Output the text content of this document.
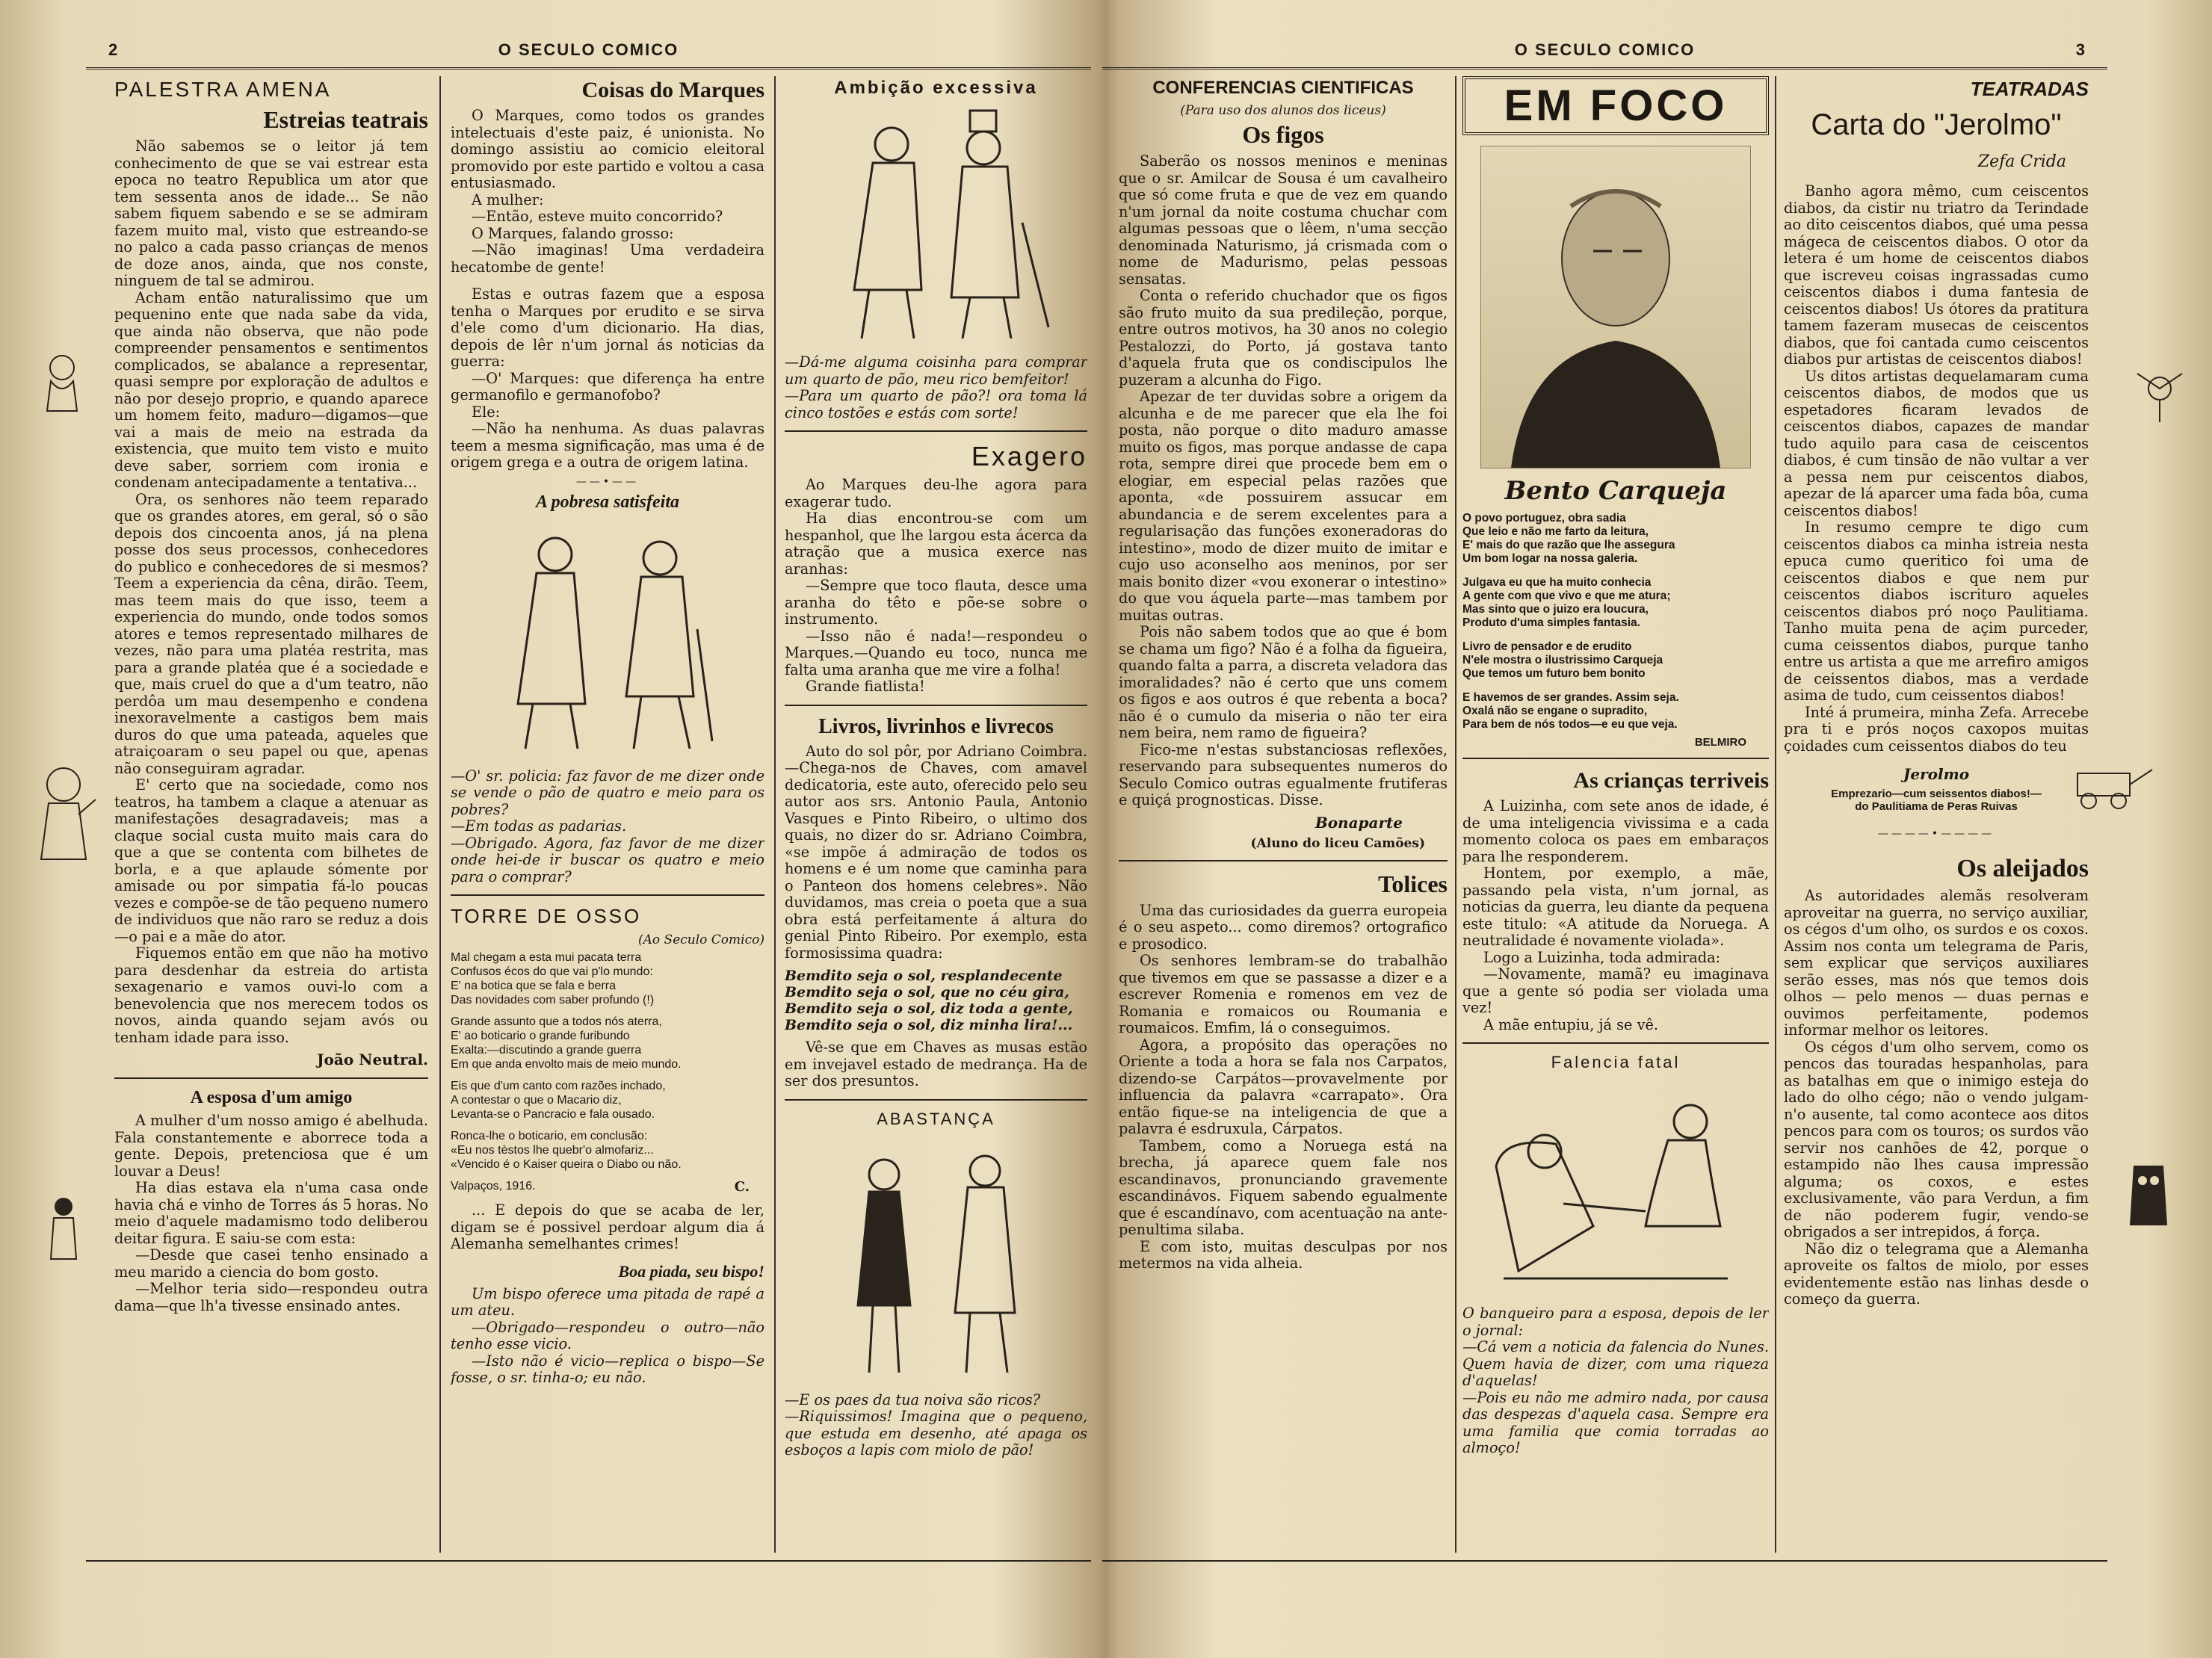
2	O SECULO COMICO
PALESTRA AMENA
Estreias teatrais

Não sabemos se o leitor já tem conhecimento de que se vai estrear esta epoca no teatro Republica um ator que tem sessenta anos de idade... Se não sabem fiquem sabendo e se se admiram fazem muito mal, visto que estreando-se no palco a cada passo crianças de menos de doze anos, ainda, que nos conste, ninguem de tal se admirou.

Acham então naturalissimo que um pequenino ente que nada sabe da vida, que ainda não observa, que não pode compreender pensamentos e sentimentos complicados, se abalance a representar, quasi sempre por exploração de adultos e não por desejo proprio, e quando aparece um homem feito, maduro—digamos—que vai a mais de meio na estrada da existencia, que muito tem visto e muito deve saber, sorriem com ironia e condenam antecipadamente a tentativa...

Ora, os senhores não teem reparado que os grandes atores, em geral, só o são depois dos cincoenta anos, já na plena posse dos seus processos, conhecedores do publico e conhecedores de si mesmos? Teem a experiencia da cêna, dirão. Teem, mas teem mais do que isso, teem a experiencia do mundo, onde todos somos atores e temos representado milhares de vezes, não para uma platéa restrita, mas para a grande platéa que é a sociedade e que, mais cruel do que a d'um teatro, não perdôa um mau desempenho e condena inexoravelmente a castigos bem mais duros do que uma pateada, aqueles que atraiçoaram o seu papel ou que, apenas não conseguiram agradar.

E' certo que na sociedade, como nos teatros, ha tambem a claque a atenuar as manifestações desagradaveis; mas a claque social custa muito mais cara do que a que se contenta com bilhetes de borla, e a que aplaude sómente por amisade ou por simpatia fá-lo poucas vezes e compõe-se de tão pequeno numero de individuos que não raro se reduz a dois—o pai e a mãe do ator.

Fiquemos então em que não ha motivo para desdenhar da estreia do artista sexagenario e vamos ouvi-lo com a benevolencia que nos merecem todos os novos, ainda quando sejam avós ou tenham idade para isso.

João Neutral.
A esposa d'um amigo

A mulher d'um nosso amigo é abelhuda. Fala constantemente e aborrece toda a gente. Depois, pretenciosa que é um louvar a Deus!

Ha dias estava ela n'uma casa onde havia chá e vinho de Torres ás 5 horas. No meio d'aquele madamismo todo deliberou deitar figura. E saiu-se com esta:

—Desde que casei tenho ensinado a meu marido a ciencia do bom gosto.

—Melhor teria sido—respondeu outra dama—que lh'a tivesse ensinado antes.

Coisas do Marques

O Marques, como todos os grandes intelectuais d'este paiz, é unionista. No domingo assistiu ao comicio eleitoral promovido por este partido e voltou a casa entusiasmado.

A mulher:

—Então, esteve muito concorrido?

O Marques, falando grosso:

—Não imaginas! Uma verdadeira hecatombe de gente!

Estas e outras fazem que a esposa tenha o Marques por erudito e se sirva d'ele como d'um dicionario. Ha dias, depois de lêr n'um jornal ás noticias da guerra:

—O' Marques: que diferença ha entre germanofilo e germanofobo?

Ele:

—Não ha nenhuma. As duas palavras teem a mesma significação, mas uma é de origem grega e a outra de origem latina.

——•——
A pobresa satisfeita

—O' sr. policia: faz favor de me dizer onde se vende o pão de quatro e meio para os pobres?

—Em todas as padarias.

—Obrigado. Agora, faz favor de me dizer onde hei-de ir buscar os quatro e meio para o comprar?

TORRE DE OSSO
(Ao Seculo Comico)

Mal chegam a esta mui pacata terra

Confusos écos do que vai p'lo mundo:

E' na botica que se fala e berra

Das novidades com saber profundo (!)

Grande assunto que a todos nós aterra,

E' ao boticario o grande furibundo

Exalta:—discutindo a grande guerra

Em que anda envolto mais de meio mundo.

Eis que d'um canto com razões inchado,

A contestar o que o Macario diz,

Levanta-se o Pancracio e fala ousado.

Ronca-lhe o boticario, em conclusão:

«Eu nos tèstos lhe quebr'o almofariz...

«Vencido é o Kaiser queira o Diabo ou não.

Valpaços, 1916.	C.

... E depois do que se acaba de ler, digam se é possivel perdoar algum dia á Alemanha semelhantes crimes!

Boa piada, seu bispo!

Um bispo oferece uma pitada de rapé a um ateu.

—Obrigado—respondeu o outro—não tenho esse vicio.

—Isto não é vicio—replica o bispo—Se fosse, o sr. tinha-o; eu não.

Ambição excessiva

—Dá-me alguma coisinha para comprar um quarto de pão, meu rico bemfeitor!

—Para um quarto de pão?! ora toma lá cinco tostões e estás com sorte!

Exagero

Ao Marques deu-lhe agora para exagerar tudo.

Ha dias encontrou-se com um hespanhol, que lhe largou esta ácerca da atração que a musica exerce nas aranhas:

—Sempre que toco flauta, desce uma aranha do têto e põe-se sobre o instrumento.

—Isso não é nada!—respondeu o Marques.—Quando eu toco, nunca me falta uma aranha que me vire a folha!

Grande fiatlista!

Livros, livrinhos e livrecos

Auto do sol pôr, por Adriano Coimbra.—Chega-nos de Chaves, com amavel dedicatoria, este auto, oferecido pelo seu autor aos srs. Antonio Paula, Antonio Vasques e Pinto Ribeiro, o ultimo dos quais, no dizer do sr. Adriano Coimbra, «se impõe á admiração de todos os homens e é um nome que caminha para o Panteon dos homens celebres». Não duvidamos, mas creia o poeta que a sua obra está perfeitamente á altura do genial Pinto Ribeiro. Por exemplo, esta formosissima quadra:

Bemdito seja o sol, resplandecente
Bemdito seja o sol, que no céu gira,
Bemdito seja o sol, diz toda a gente,
Bemdito seja o sol, diz minha lira!...

Vê-se que em Chaves as musas estão em invejavel estado de medrança. Ha de ser dos presuntos.

ABASTANÇA

—E os paes da tua noiva são ricos?

—Riquissimos! Imagina que o pequeno, que estuda em desenho, até apaga os esboços a lapis com miolo de pão!

O SECULO COMICO	3
CONFERENCIAS CIENTIFICAS
(Para uso dos alunos dos liceus)
Os figos

Saberão os nossos meninos e meninas que o sr. Amilcar de Sousa é um cavalheiro que só come fruta e que de vez em quando n'um jornal da noite costuma chuchar com algumas pessoas que o lêem, n'uma secção denominada Naturismo, já crismada com o nome de Madurismo, pelas pessoas sensatas.

Conta o referido chuchador que os figos são fruto muito da sua predileção, porque, entre outros motivos, ha 30 anos no colegio Pestalozzi, do Porto, já gostava tanto d'aquela fruta que os condiscipulos lhe puzeram a alcunha do Figo.

Apezar de ter duvidas sobre a origem da alcunha e de me parecer que ela lhe foi posta, não porque o dito maduro amasse muito os figos, mas porque andasse de capa rota, sempre direi que procede bem em o elogiar, em especial pelas razões que aponta, «de possuirem assucar em abundancia e de serem excelentes para a regularisação das funções exoneradoras do intestino», modo de dizer muito de imitar e cujo uso aconselho aos meninos, por ser mais bonito dizer «vou exonerar o intestino» do que vou áquela parte—mas tambem por muitas outras.

Pois não sabem todos que ao que é bom se chama um figo? Não é a folha da figueira, quando falta a parra, a discreta veladora das imoralidades? não é certo que uns comem os figos e aos outros é que rebenta a boca? não é o cumulo da miseria o não ter eira nem beira, nem ramo de figueira?

Fico-me n'estas substanciosas reflexões, reservando para subsequentes numeros do Seculo Comico outras egualmente frutiferas e quiçá prognosticas. Disse.

Bonaparte
(Aluno do liceu Camões)
Tolices

Uma das curiosidades da guerra europeia é o seu aspeto... como diremos? ortografico e prosodico.

Os senhores lembram-se do trabalhão que tivemos em que se passasse a dizer e a escrever Romenia e romenos em vez de Romania e romaicos ou Roumania e roumaicos. Emfim, lá o conseguimos.

Agora, a propósito das operações no Oriente a toda a hora se fala nos Carpatos, dizendo-se Carpátos—provavelmente por influencia da palavra «carrapato». Ora então fique-se na inteligencia de que a palavra é esdruxula, Cárpatos.

Tambem, como a Noruega está na brecha, já aparece quem fale nos escandinavos, pronunciando gravemente escandinávos. Fiquem sabendo egualmente que é escandínavo, com acentuação na ante-penultima silaba.

E com isto, muitas desculpas por nos metermos na vida alheia.

EM FOCO
Bento Carqueja

O povo portuguez, obra sadia

Que leio e não me farto da leitura,

E' mais do que razão que lhe assegura

Um bom logar na nossa galeria.

Julgava eu que ha muito conhecia

A gente com que vivo e que me atura;

Mas sinto que o juizo era loucura,

Produto d'uma simples fantasia.

Livro de pensador e de erudito

N'ele mostra o ilustrissimo Carqueja

Que temos um futuro bem bonito

E havemos de ser grandes. Assim seja.

Oxalá não se engane o supradito,

Para bem de nós todos—e eu que veja.

BELMIRO
As crianças terriveis

A Luizinha, com sete anos de idade, é de uma inteligencia vivissima e a cada momento coloca os paes em embaraços para lhe responderem.

Hontem, por exemplo, a mãe, passando pela vista, n'um jornal, as noticias da guerra, leu diante da pequena este titulo: «A atitude da Noruega. A neutralidade é novamente violada».

Logo a Luizinha, toda admirada:

—Novamente, mamã? eu imaginava que a gente só podia ser violada uma vez!

A mãe entupiu, já se vê.

Falencia fatal

O banqueiro para a esposa, depois de ler o jornal:

—Cá vem a noticia da falencia do Nunes. Quem havia de dizer, com uma riqueza d'aquelas!

—Pois eu não me admiro nada, por causa das despezas d'aquela casa. Sempre era uma familia que comia torradas ao almoço!

TEATRADAS
Carta do "Jerolmo"
Zefa Crida

Banho agora mêmo, cum ceiscentos diabos, da cistir nu triatro da Terindade ao dito ceiscentos diabos, qué uma pessa mágeca de ceiscentos diabos. O otor da letera é um home de ceiscentos diabos que iscreveu coisas ingrassadas cumo ceiscentos diabos i duma fantesia de ceiscentos diabos! Us ótores da pratitura tamem fazeram musecas de ceiscentos diabos, que foi cantada cumo ceiscentos diabos pur artistas de ceiscentos diabos!

Us ditos artistas dequelamaram cuma ceiscentos diabos, de modos que us espetadores ficaram levados de ceiscentos diabos, capazes de mandar tudo aquilo para casa de ceiscentos diabos, é cum tinsão de não vultar a ver a pessa nem pur ceiscentos diabos, apezar de lá aparcer uma fada bôa, cuma ceiscentos diabos!

In resumo cempre te digo cum ceiscentos diabos ca minha istreia nesta epuca cumo queritico foi uma de ceiscentos diabos e que nem pur ceiscentos diabos iscrituro aqueles ceiscentos diabos pró noço Paulitiama. Tanho muita pena de açim purceder, cuma ceissentos diabos, purque tanho entre us artista a que me arrefiro amigos de ceissentos diabos, mas a verdade asima de tudo, cum ceissentos diabos!

Inté á prumeira, minha Zefa. Arrecebe pra ti e prós noços caxopos muitas çoidades cum ceissentos diabos do teu

Jerolmo
Emprezario—cum seissentos diabos!—
do Paulitiama de Peras Ruivas
————•————
Os aleijados

As autoridades alemãs resolveram aproveitar na guerra, no serviço auxiliar, os cégos d'um olho, os surdos e os coxos. Assim nos conta um telegrama de Paris, sem explicar que serviços auxiliares serão esses, mas nós que temos dois olhos — pelo menos — duas pernas e ouvimos perfeitamente, podemos informar melhor os leitores.

Os cégos d'um olho servem, como os pencos das touradas hespanholas, para as batalhas em que o inimigo esteja do lado do olho cégo; não o vendo julgam-n'o ausente, tal como acontece aos ditos pencos para com os touros; os surdos vão servir nos canhões de 42, porque o estampido não lhes causa impressão alguma; os coxos, e estes exclusivamente, vão para Verdun, a fim de não poderem fugir, vendo-se obrigados a ser intrepidos, á força.

Não diz o telegrama que a Alemanha aproveite os faltos de miolo, por esses evidentemente estão nas linhas desde o começo da guerra.
